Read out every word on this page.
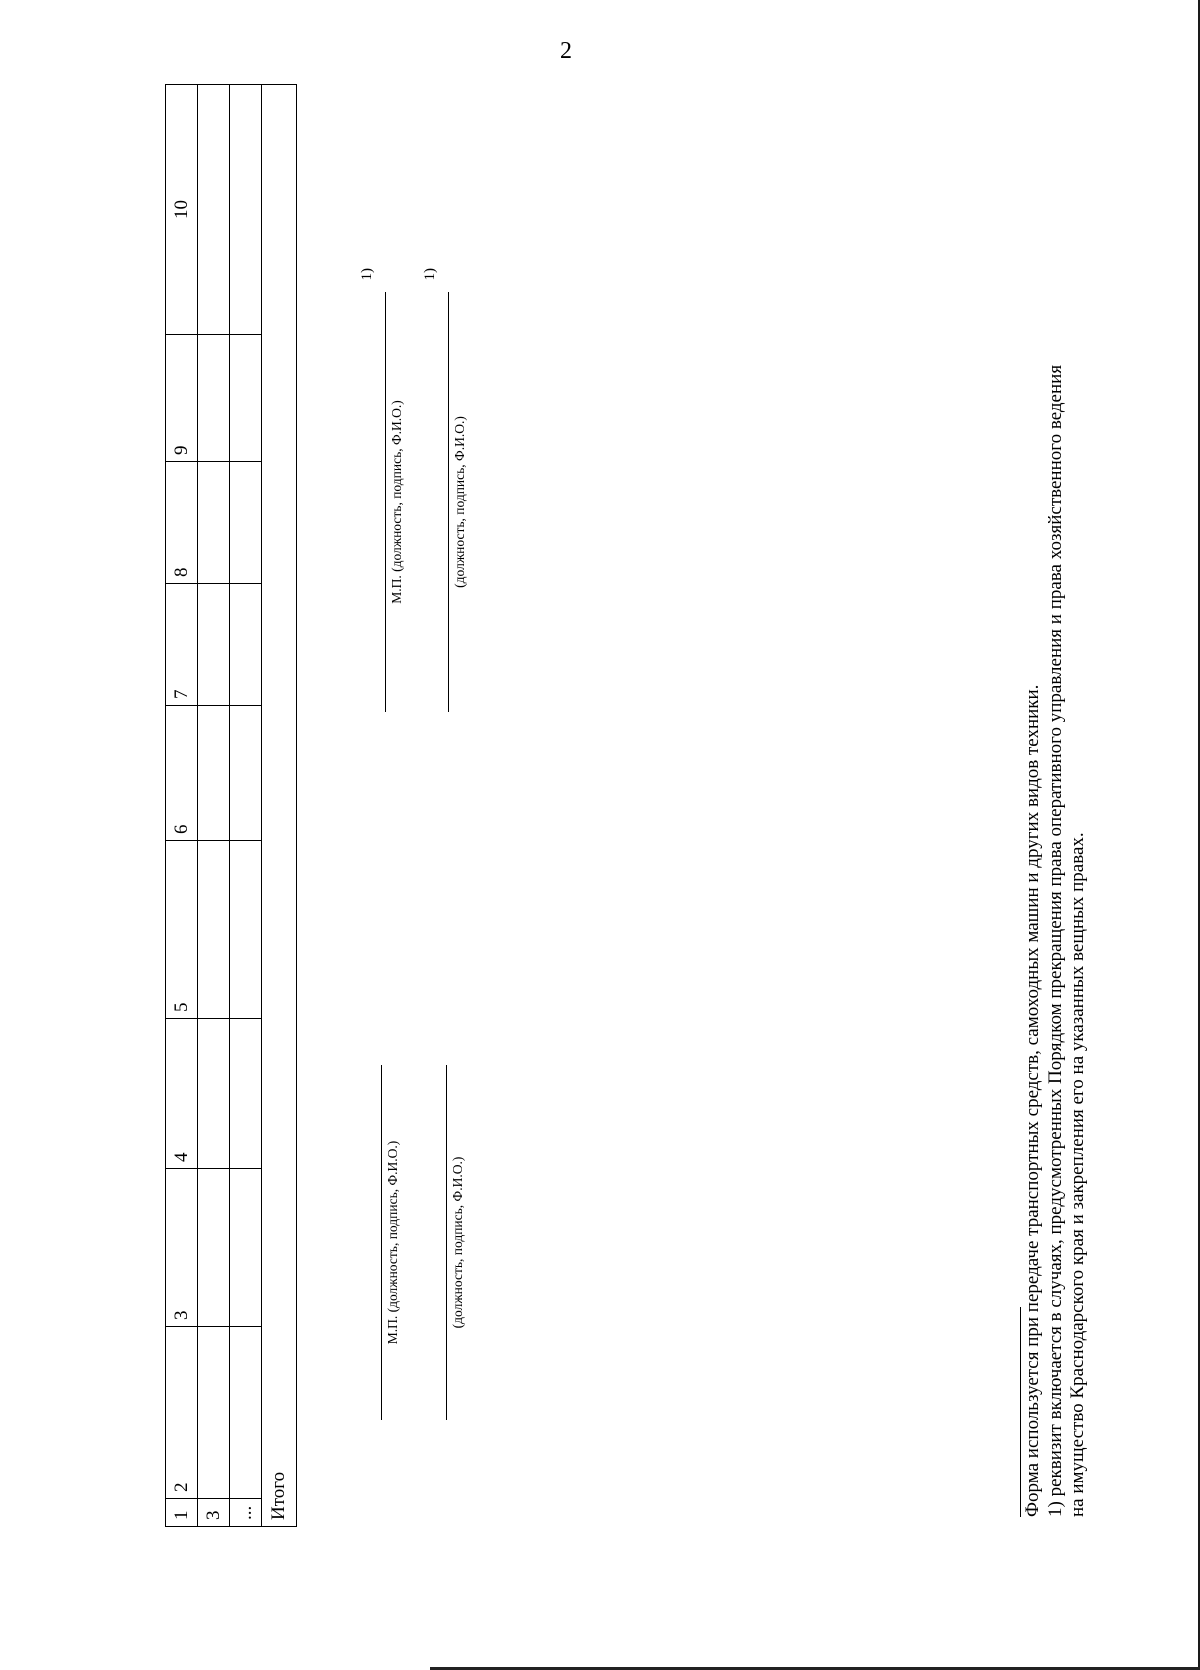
2
1	2	3	4	5	6	7	8	9	10
3									
...									
Итого									
М.П. (должность, подпись, Ф.И.О.)	(должность, подпись, Ф.И.О.)
М.П. (должность, подпись, Ф.И.О.)
1)
(должность, подпись, Ф.И.О.)
1)
Форма используется при передаче транспортных средств, самоходных машин и других видов техники. 1) реквизит включается в случаях, предусмотренных Порядком прекращения права оперативного управления и права хозяйственного ведения на имущество Краснодарского края и закрепления его на указанных вещных правах.
